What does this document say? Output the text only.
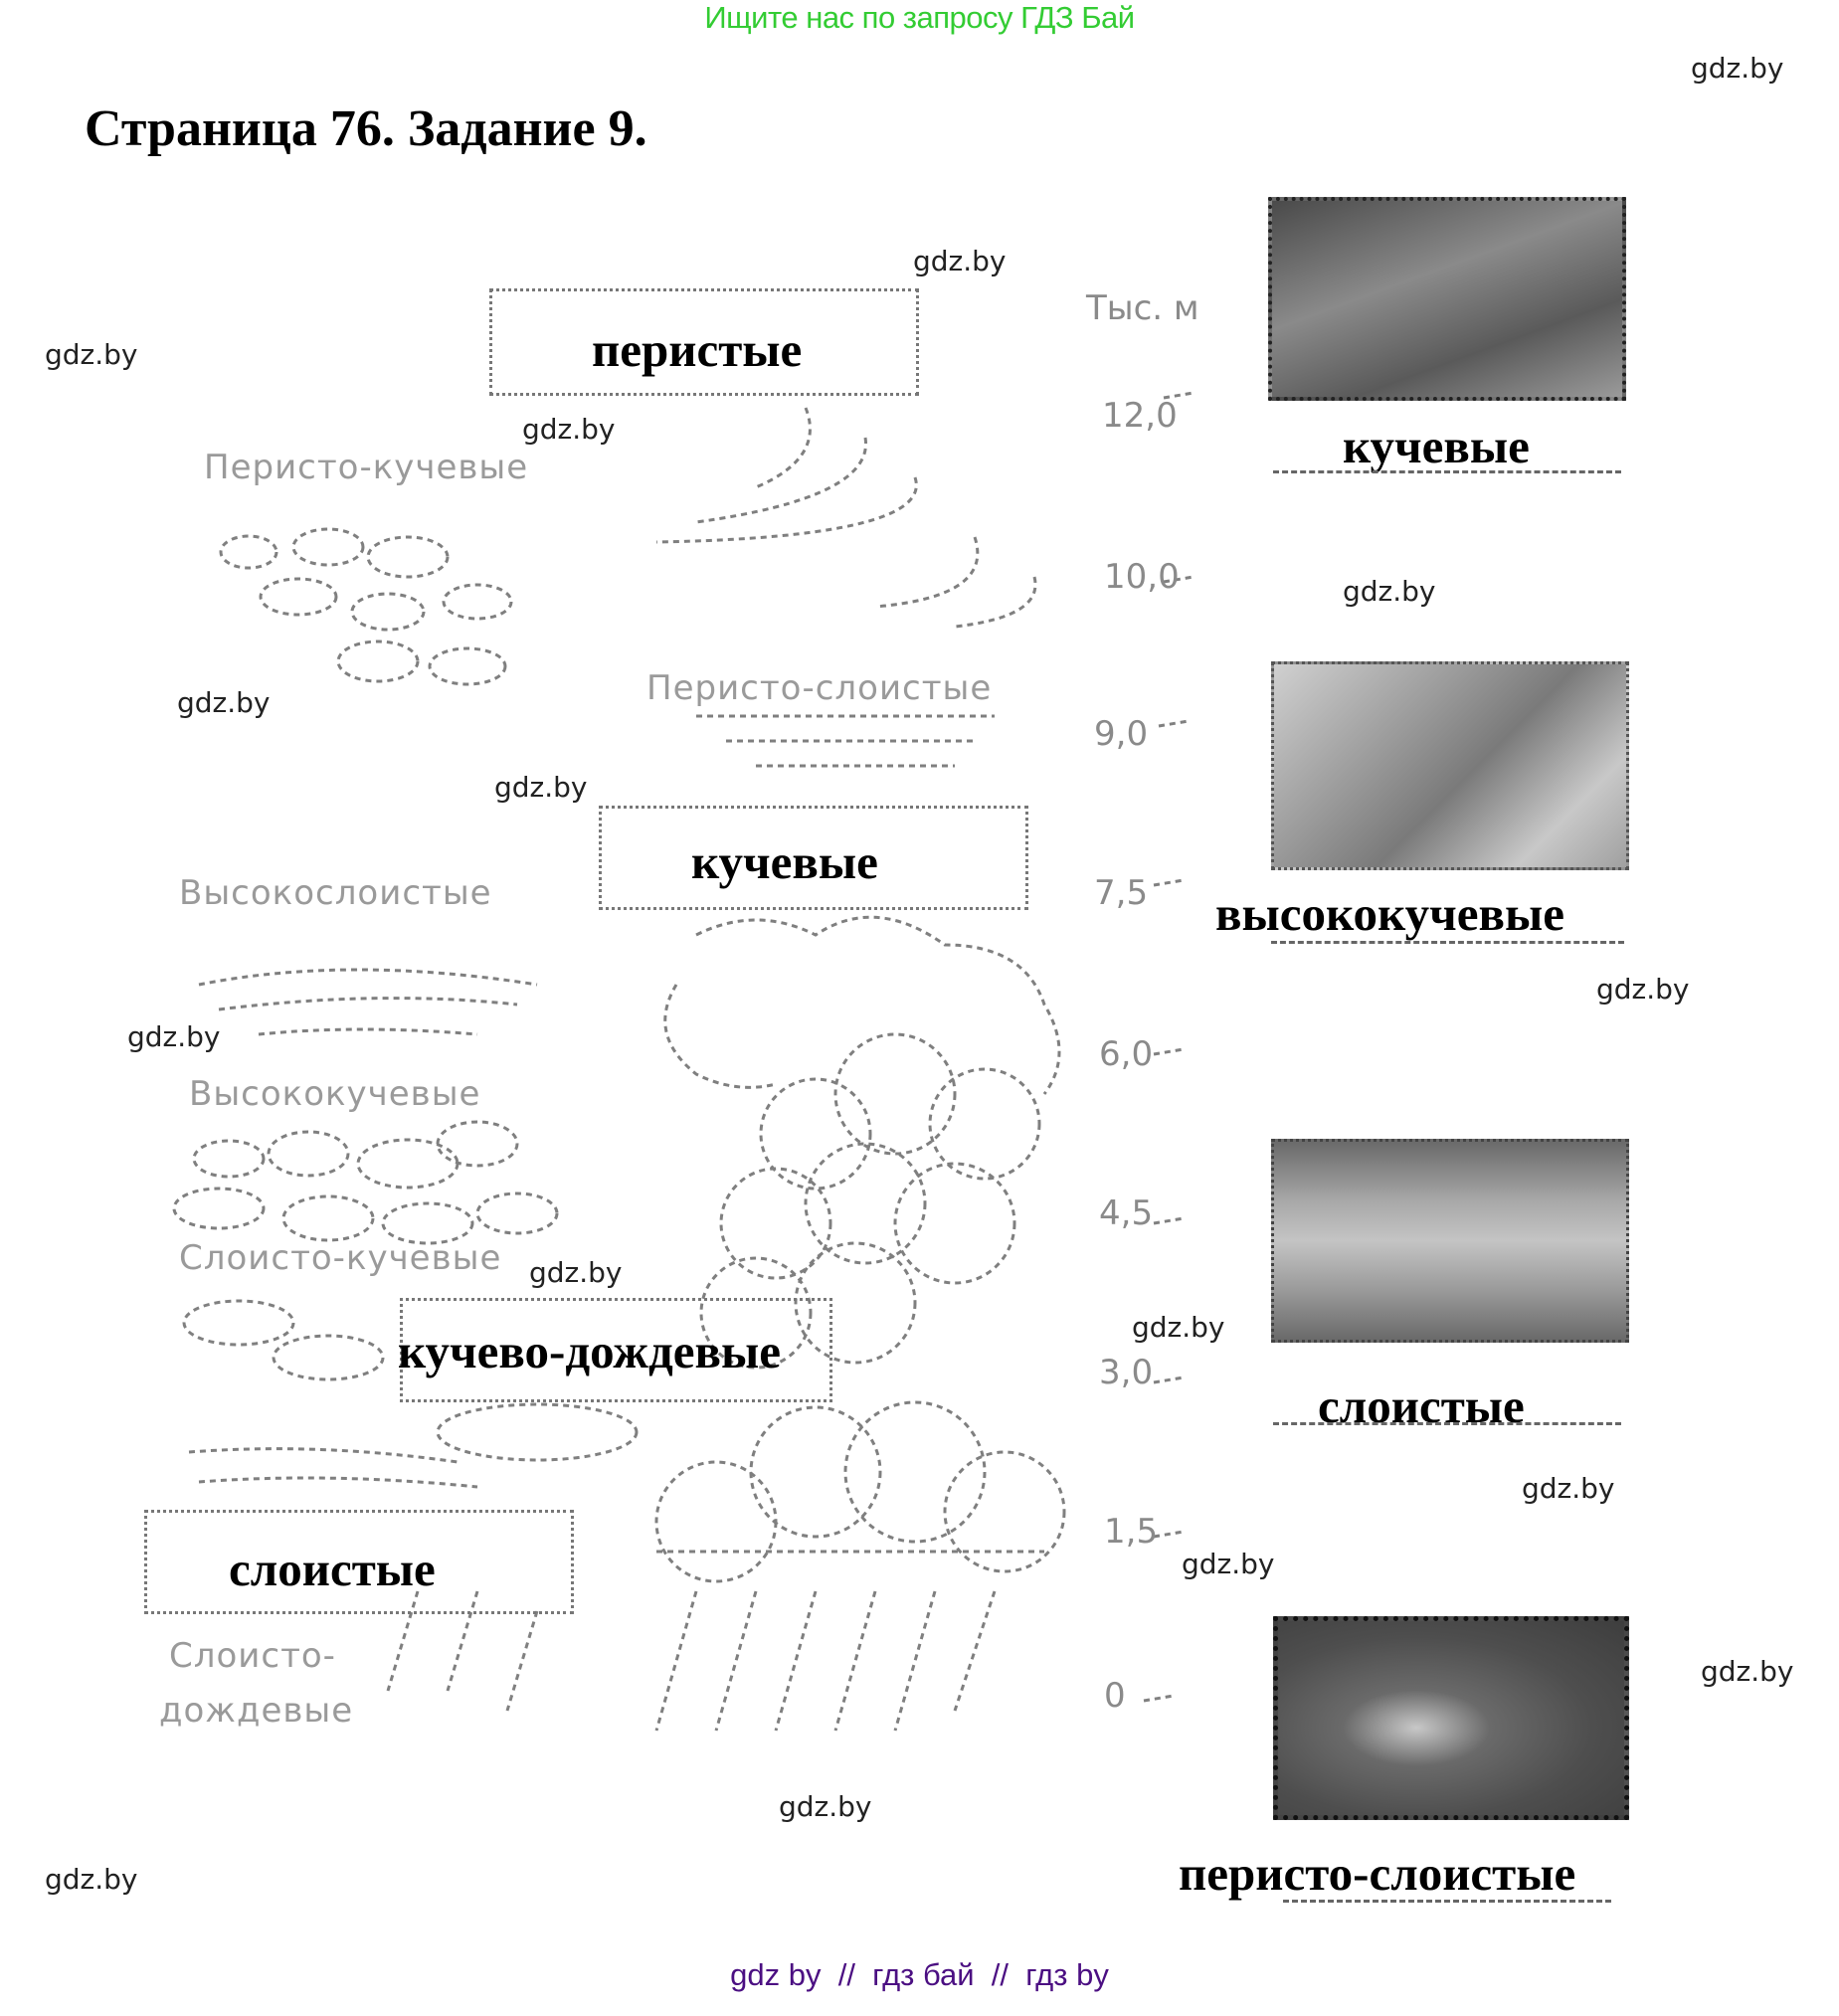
Ищите нас по запросу ГДЗ Бай
Страница 76. Задание 9.
Тыс. м
12,0
10,0
9,0
7,5
6,0
4,5
3,0
1,5
0
Перисто-кучевые
Перисто-слоистые
Высокослоистые
Высококучевые
Слоисто-кучевые
Слоисто-
дождевые
перистые
кучевые
кучево-дождевые
слоистые
кучевые
высококучевые
слоистые
перисто-слоистые
gdz.by
gdz.by
gdz.by
gdz.by
gdz.by
gdz.by
gdz.by
gdz.by
gdz.by
gdz.by
gdz.by
gdz.by
gdz.by
gdz.by
gdz.by
gdz.by
gdz by  //  гдз бай  //  гдз by
